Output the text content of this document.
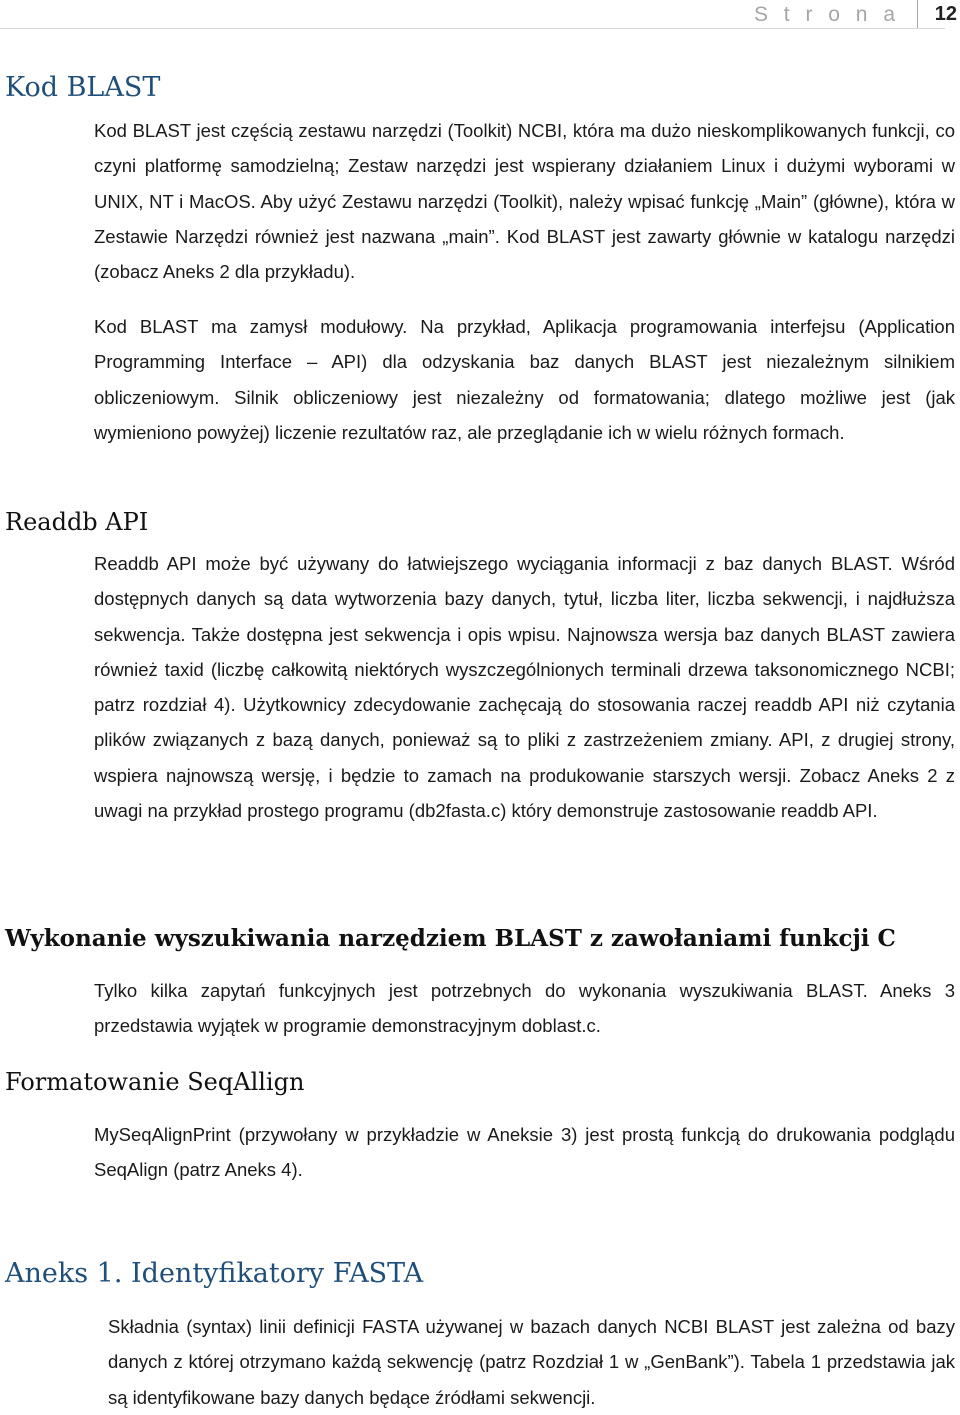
S t r o n a 12
Kod BLAST
Kod BLAST jest częścią zestawu narzędzi (Toolkit) NCBI, która ma dużo nieskomplikowanych funkcji, co czyni platformę samodzielną; Zestaw narzędzi jest wspierany działaniem Linux i dużymi wyborami w UNIX, NT i MacOS. Aby użyć Zestawu narzędzi (Toolkit), należy wpisać funkcję „Main” (główne), która w Zestawie Narzędzi również jest nazwana „main”. Kod BLAST jest zawarty głównie w katalogu narzędzi (zobacz Aneks 2 dla przykładu).
Kod BLAST ma zamysł modułowy. Na przykład, Aplikacja programowania interfejsu (Application Programming Interface – API) dla odzyskania baz danych BLAST jest niezależnym silnikiem obliczeniowym. Silnik obliczeniowy jest niezależny od formatowania; dlatego możliwe jest (jak wymieniono powyżej) liczenie rezultatów raz, ale przeglądanie ich w wielu różnych formach.
Readdb API
Readdb API może być używany do łatwiejszego wyciągania informacji z baz danych BLAST. Wśród dostępnych danych są data wytworzenia bazy danych, tytuł, liczba liter, liczba sekwencji, i najdłuższa sekwencja. Także dostępna jest sekwencja i opis wpisu. Najnowsza wersja baz danych BLAST zawiera również taxid (liczbę całkowitą niektórych wyszczególnionych terminali drzewa taksonomicznego NCBI; patrz rozdział 4). Użytkownicy zdecydowanie zachęcają do stosowania raczej readdb API niż czytania plików związanych z bazą danych, ponieważ są to pliki z zastrzeżeniem zmiany. API, z drugiej strony, wspiera najnowszą wersję, i będzie to zamach na produkowanie starszych wersji. Zobacz Aneks 2 z uwagi na przykład prostego programu (db2fasta.c) który demonstruje zastosowanie readdb API.
Wykonanie wyszukiwania narzędziem BLAST z zawołaniami funkcji C
Tylko kilka zapytań funkcyjnych jest potrzebnych do wykonania wyszukiwania BLAST. Aneks 3 przedstawia wyjątek w programie demonstracyjnym doblast.c.
Formatowanie SeqAllign
MySeqAlignPrint (przywołany w przykładzie w Aneksie 3) jest prostą funkcją do drukowania podglądu SeqAlign (patrz Aneks 4).
Aneks 1. Identyfikatory FASTA
Składnia (syntax) linii definicji FASTA używanej w bazach danych NCBI BLAST jest zależna od bazy danych z której otrzymano każdą sekwencję (patrz Rozdział 1 w „GenBank”). Tabela 1 przedstawia jak są identyfikowane bazy danych będące źródłami sekwencji.
